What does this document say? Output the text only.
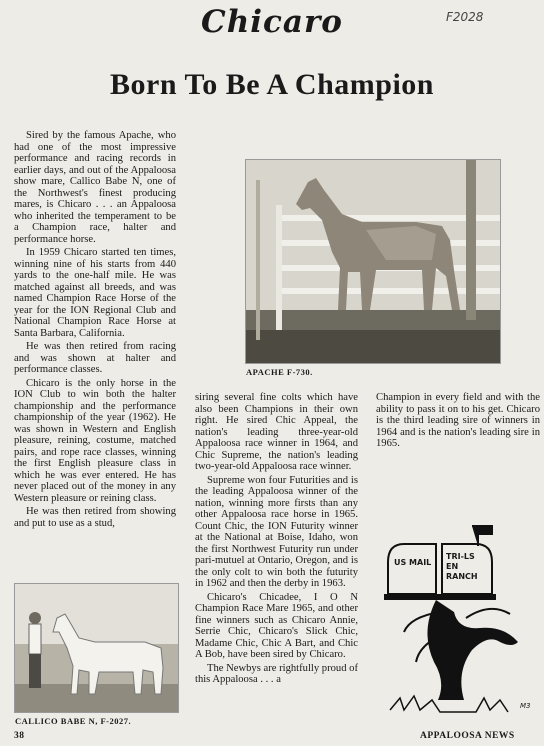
Chicaro	F2028
Born To Be A Champion

Sired by the famous Apache, who had one of the most impressive performance and racing records in earlier days, and out of the Appaloosa show mare, Callico Babe N, one of the Northwest's finest producing mares, is Chicaro . . . an Appaloosa who inherited the temperament to be a Champion race, halter and performance horse.

In 1959 Chicaro started ten times, winning nine of his starts from 440 yards to the one-half mile. He was matched against all breeds, and was named Champion Race Horse of the year for the ION Regional Club and National Champion Race Horse at Santa Barbara, California.

He was then retired from racing and was shown at halter and performance classes.

Chicaro is the only horse in the ION Club to win both the halter championship and the performance championship of the year (1962). He was shown in Western and English pleasure, reining, costume, matched pairs, and rope race classes, winning the first English pleasure class in which he was ever entered. He has never placed out of the money in any Western pleasure or reining class.

He was then retired from showing and put to use as a stud,

APACHE F-730.

siring several fine colts which have also been Champions in their own right. He sired Chic Appeal, the nation's leading three-year-old Appaloosa race winner in 1964, and Chic Supreme, the nation's leading two-year-old Appaloosa race winner.

Supreme won four Futurities and is the leading Appaloosa winner of the nation, winning more firsts than any other Appaloosa race horse in 1965. Count Chic, the ION Futurity winner at the National at Boise, Idaho, won the first Northwest Futurity run under pari-mutuel at Ontario, Oregon, and is the only colt to win both the futurity in 1962 and then the derby in 1963.

Chicaro's Chicadee, I O N Champion Race Mare 1965, and other fine winners such as Chicaro Annie, Serrie Chic, Chicaro's Slick Chic, Madame Chic, Chic A Bart, and Chic A Bob, have been sired by Chicaro.

The Newbys are rightfully proud of this Appaloosa . . . a

Champion in every field and with the ability to pass it on to his get. Chicaro is the third leading sire of winners in 1964 and is the nation's leading sire in 1965.

US MAIL
TRI-LS EN RANCH
M3
CALLICO BABE N, F-2027.
38	APPALOOSA NEWS
